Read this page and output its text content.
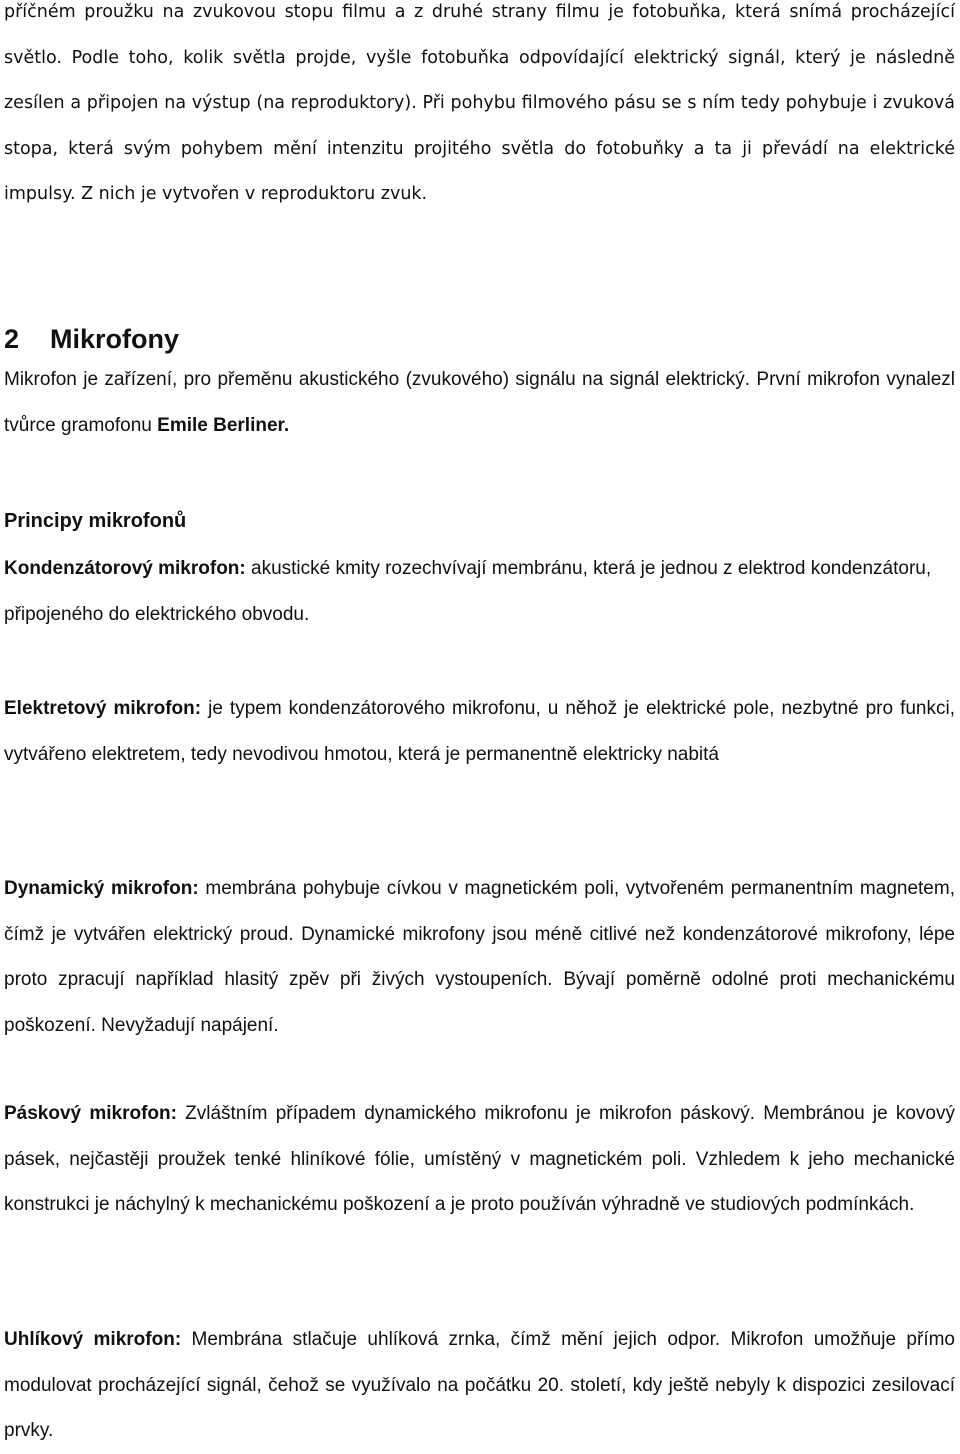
příčném proužku na zvukovou stopu filmu a z druhé strany filmu je fotobuňka, která snímá procházející světlo. Podle toho, kolik světla projde, vyšle fotobuňka odpovídající elektrický signál, který je následně zesílen a připojen na výstup (na reproduktory). Při pohybu filmového pásu se s ním tedy pohybuje i zvuková stopa, která svým pohybem mění intenzitu projitého světla do fotobuňky a ta ji převádí na elektrické impulsy. Z nich je vytvořen v reproduktoru zvuk.

2 Mikrofony

Mikrofon je zařízení, pro přeměnu akustického (zvukového) signálu na signál elektrický. První mikrofon vynalezl tvůrce gramofonu Emile Berliner.

Principy mikrofonů

Kondenzátorový mikrofon: akustické kmity rozechvívají membránu, která je jednou z elektrod kondenzátoru, připojeného do elektrického obvodu.

Elektretový mikrofon: je typem kondenzátorového mikrofonu, u něhož je elektrické pole, nezbytné pro funkci, vytvářeno elektretem, tedy nevodivou hmotou, která je permanentně elektricky nabitá

Dynamický mikrofon: membrána pohybuje cívkou v magnetickém poli, vytvořeném permanentním magnetem, čímž je vytvářen elektrický proud. Dynamické mikrofony jsou méně citlivé než kondenzátorové mikrofony, lépe proto zpracují například hlasitý zpěv při živých vystoupeních. Bývají poměrně odolné proti mechanickému poškození. Nevyžadují napájení.

Páskový mikrofon: Zvláštním případem dynamického mikrofonu je mikrofon páskový. Membránou je kovový pásek, nejčastěji proužek tenké hliníkové fólie, umístěný v magnetickém poli. Vzhledem k jeho mechanické konstrukci je náchylný k mechanickému poškození a je proto používán výhradně ve studiových podmínkách.

Uhlíkový mikrofon: Membrána stlačuje uhlíková zrnka, čímž mění jejich odpor. Mikrofon umožňuje přímo modulovat procházející signál, čehož se využívalo na počátku 20. století, kdy ještě nebyly k dispozici zesilovací prvky.
